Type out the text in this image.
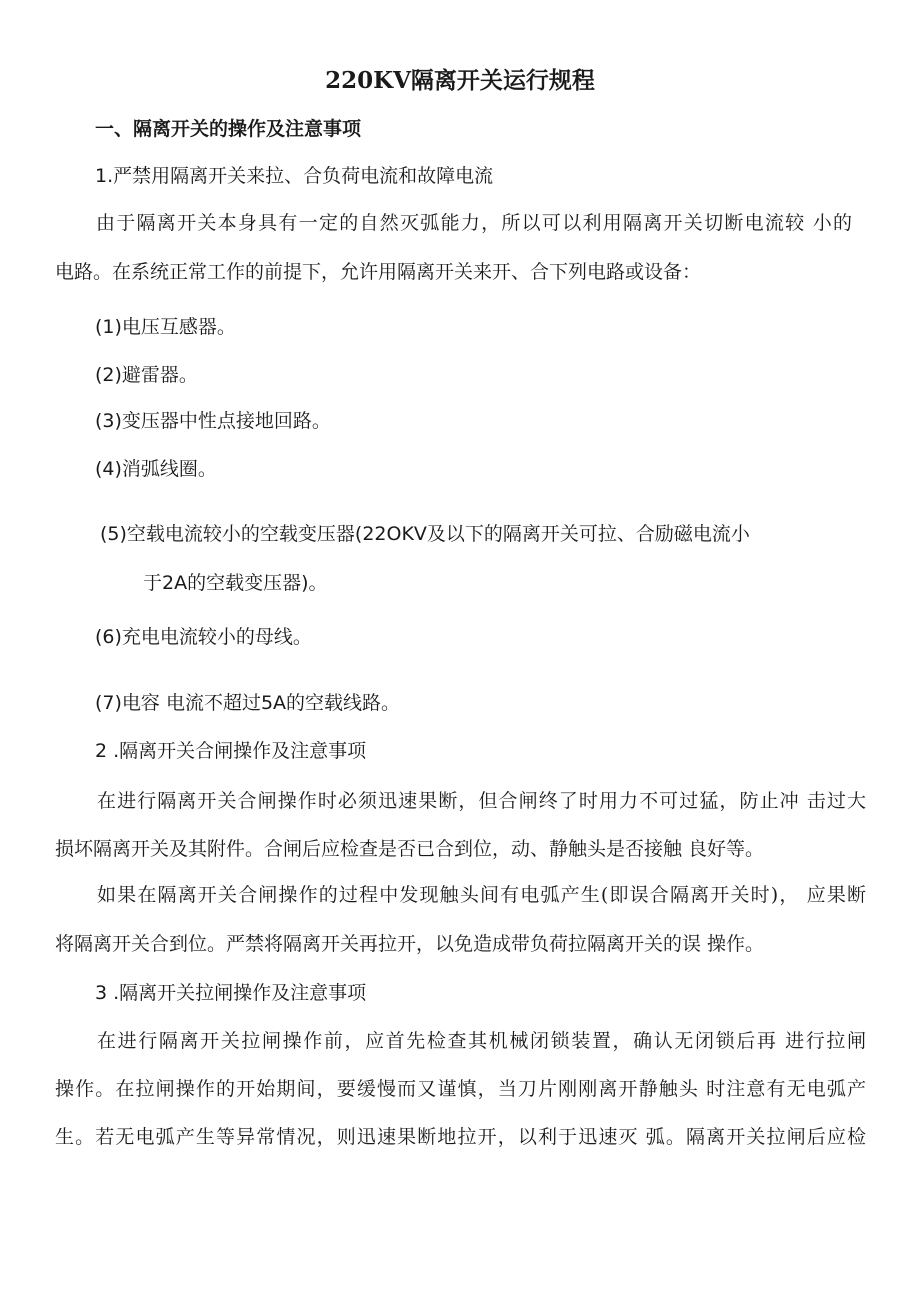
220KV隔离开关运行规程
一、隔离开关的操作及注意事项
1.严禁用隔离开关来拉、合负荷电流和故障电流
由于隔离开关本身具有一定的自然灭弧能力，所以可以利用隔离开关切断电流较 小的
电路。在系统正常工作的前提下，允许用隔离开关来开、合下列电路或设备：
(1)电压互感器。
(2)避雷器。
(3)变压器中性点接地回路。
(4)消弧线圈。
(5)空载电流较小的空载变压器(22OKV及以下的隔离开关可拉、合励磁电流小
于2A的空载变压器)。
(6)充电电流较小的母线。
(7)电容 电流不超过5A的空载线路。
2 .隔离开关合闸操作及注意事项
在进行隔离开关合闸操作时必须迅速果断，但合闸终了时用力不可过猛，防止冲 击过大
损坏隔离开关及其附件。合闸后应检查是否已合到位，动、静触头是否接触 良好等。
如果在隔离开关合闸操作的过程中发现触头间有电弧产生(即误合隔离开关时)， 应果断
将隔离开关合到位。严禁将隔离开关再拉开，以免造成带负荷拉隔离开关的误 操作。
3 .隔离开关拉闸操作及注意事项
在进行隔离开关拉闸操作前，应首先检查其机械闭锁装置，确认无闭锁后再 进行拉闸
操作。在拉闸操作的开始期间，要缓慢而又谨慎，当刀片刚刚离开静触头 时注意有无电弧产
生。若无电弧产生等异常情况，则迅速果断地拉开，以利于迅速灭 弧。隔离开关拉闸后应检
